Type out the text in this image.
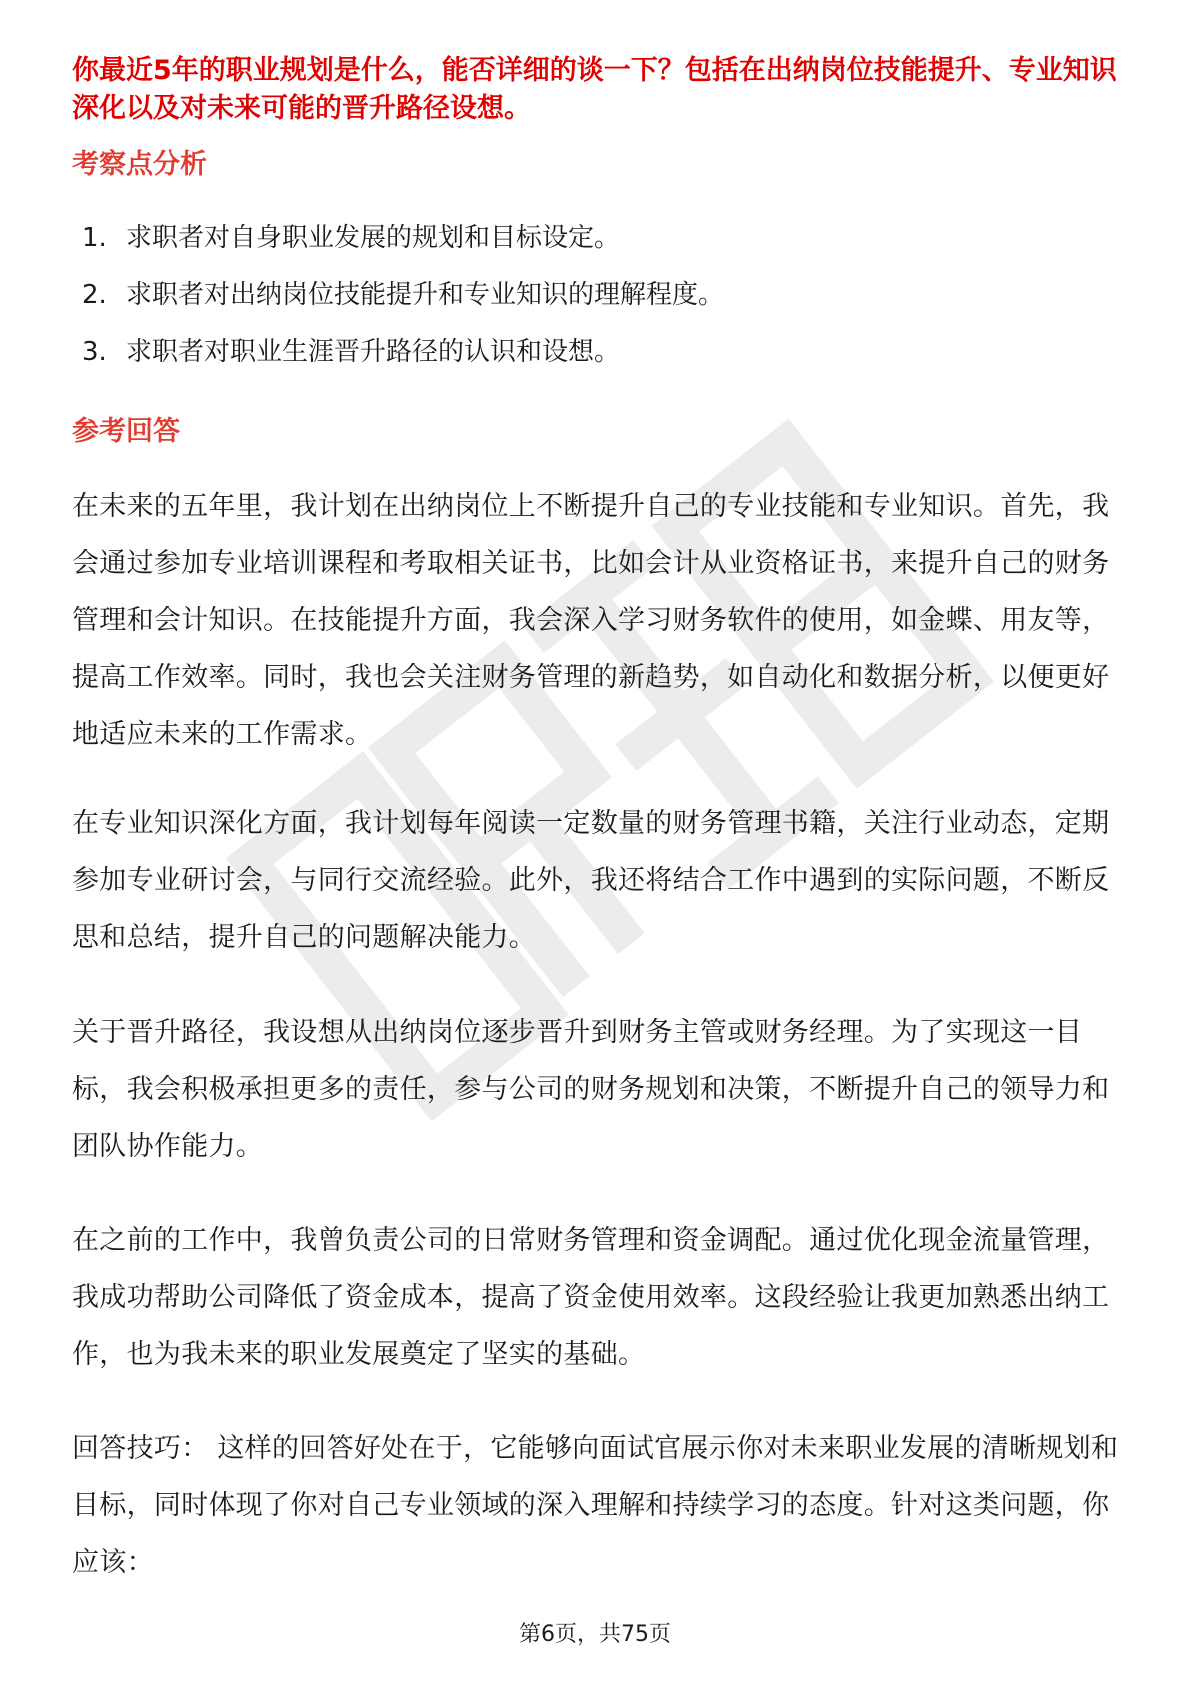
你最近5年的职业规划是什么，能否详细的谈一下？包括在出纳岗位技能提升、专业知识深化以及对未来可能的晋升路径设想。

考察点分析
1. 求职者对自身职业发展的规划和目标设定。
2. 求职者对出纳岗位技能提升和专业知识的理解程度。
3. 求职者对职业生涯晋升路径的认识和设想。
参考回答

在未来的五年里，我计划在出纳岗位上不断提升自己的专业技能和专业知识。首先，我会通过参加专业培训课程和考取相关证书，比如会计从业资格证书，来提升自己的财务管理和会计知识。在技能提升方面，我会深入学习财务软件的使用，如金蝶、用友等，提高工作效率。同时，我也会关注财务管理的新趋势，如自动化和数据分析，以便更好地适应未来的工作需求。

在专业知识深化方面，我计划每年阅读一定数量的财务管理书籍，关注行业动态，定期参加专业研讨会，与同行交流经验。此外，我还将结合工作中遇到的实际问题，不断反思和总结，提升自己的问题解决能力。

关于晋升路径，我设想从出纳岗位逐步晋升到财务主管或财务经理。为了实现这一目标，我会积极承担更多的责任，参与公司的财务规划和决策，不断提升自己的领导力和团队协作能力。

在之前的工作中，我曾负责公司的日常财务管理和资金调配。通过优化现金流量管理，我成功帮助公司降低了资金成本，提高了资金使用效率。这段经验让我更加熟悉出纳工作，也为我未来的职业发展奠定了坚实的基础。

回答技巧： 这样的回答好处在于，它能够向面试官展示你对未来职业发展的清晰规划和目标，同时体现了你对自己专业领域的深入理解和持续学习的态度。针对这类问题，你应该：

第6页，共75页
